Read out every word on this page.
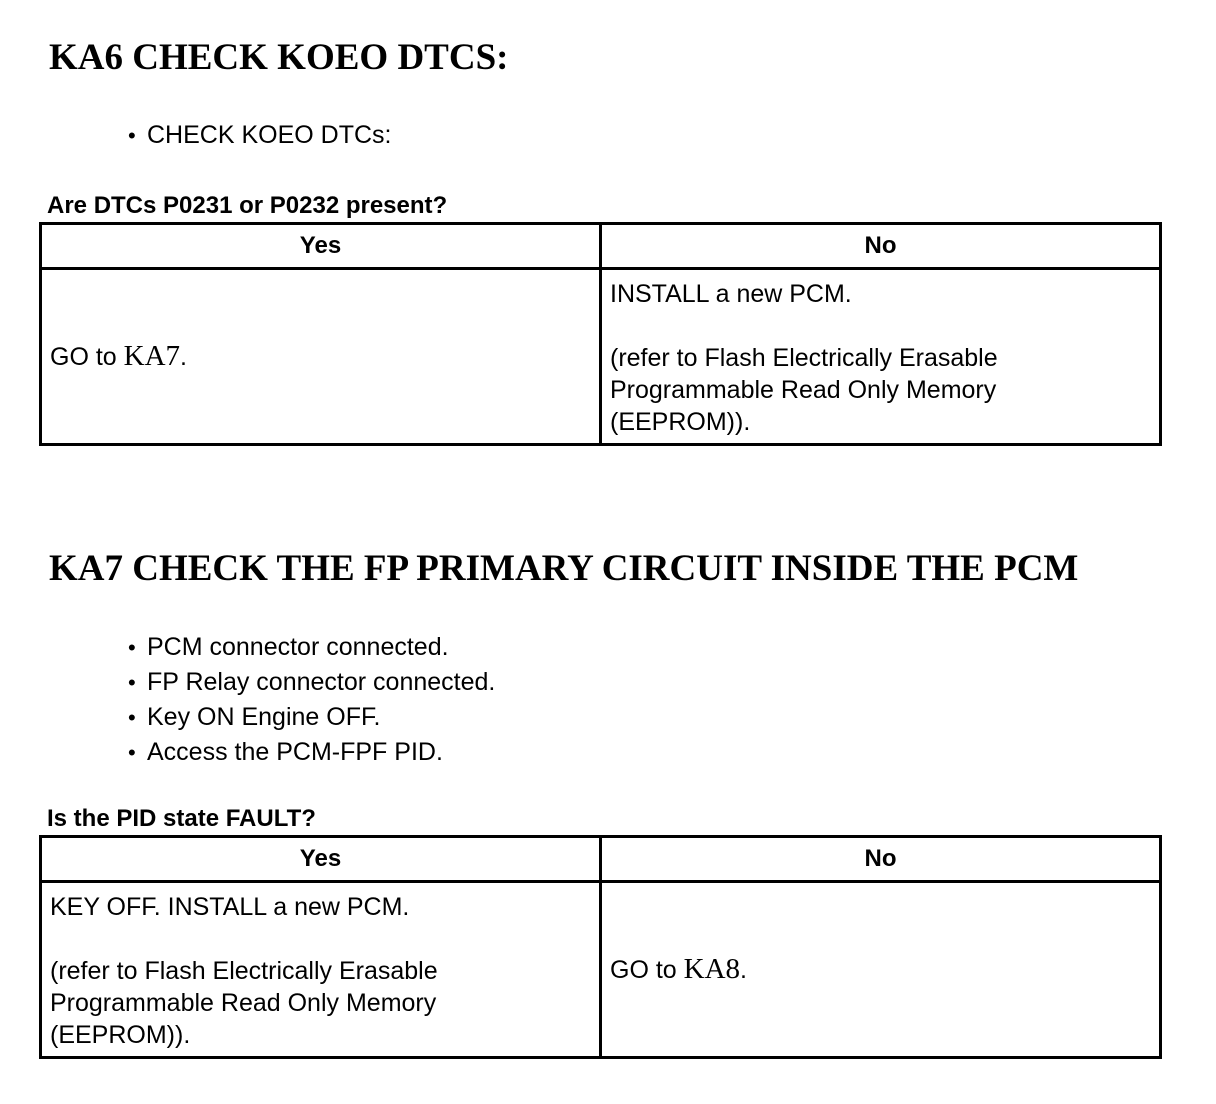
KA6 CHECK KOEO DTCS:
• CHECK KOEO DTCs:

Are DTCs P0231 or P0232 present?

Yes	No
GO to KA7.	INSTALL a new PCM.
(refer to Flash Electrically Erasable
Programmable Read Only Memory
(EEPROM)).
KA7 CHECK THE FP PRIMARY CIRCUIT INSIDE THE PCM
• PCM connector connected.
• FP Relay connector connected.
• Key ON Engine OFF.
• Access the PCM-FPF PID.

Is the PID state FAULT?

Yes	No

KEY OFF. INSTALL a new PCM.
(refer to Flash Electrically Erasable
Programmable Read Only Memory
(EEPROM)).	GO to KA8.
